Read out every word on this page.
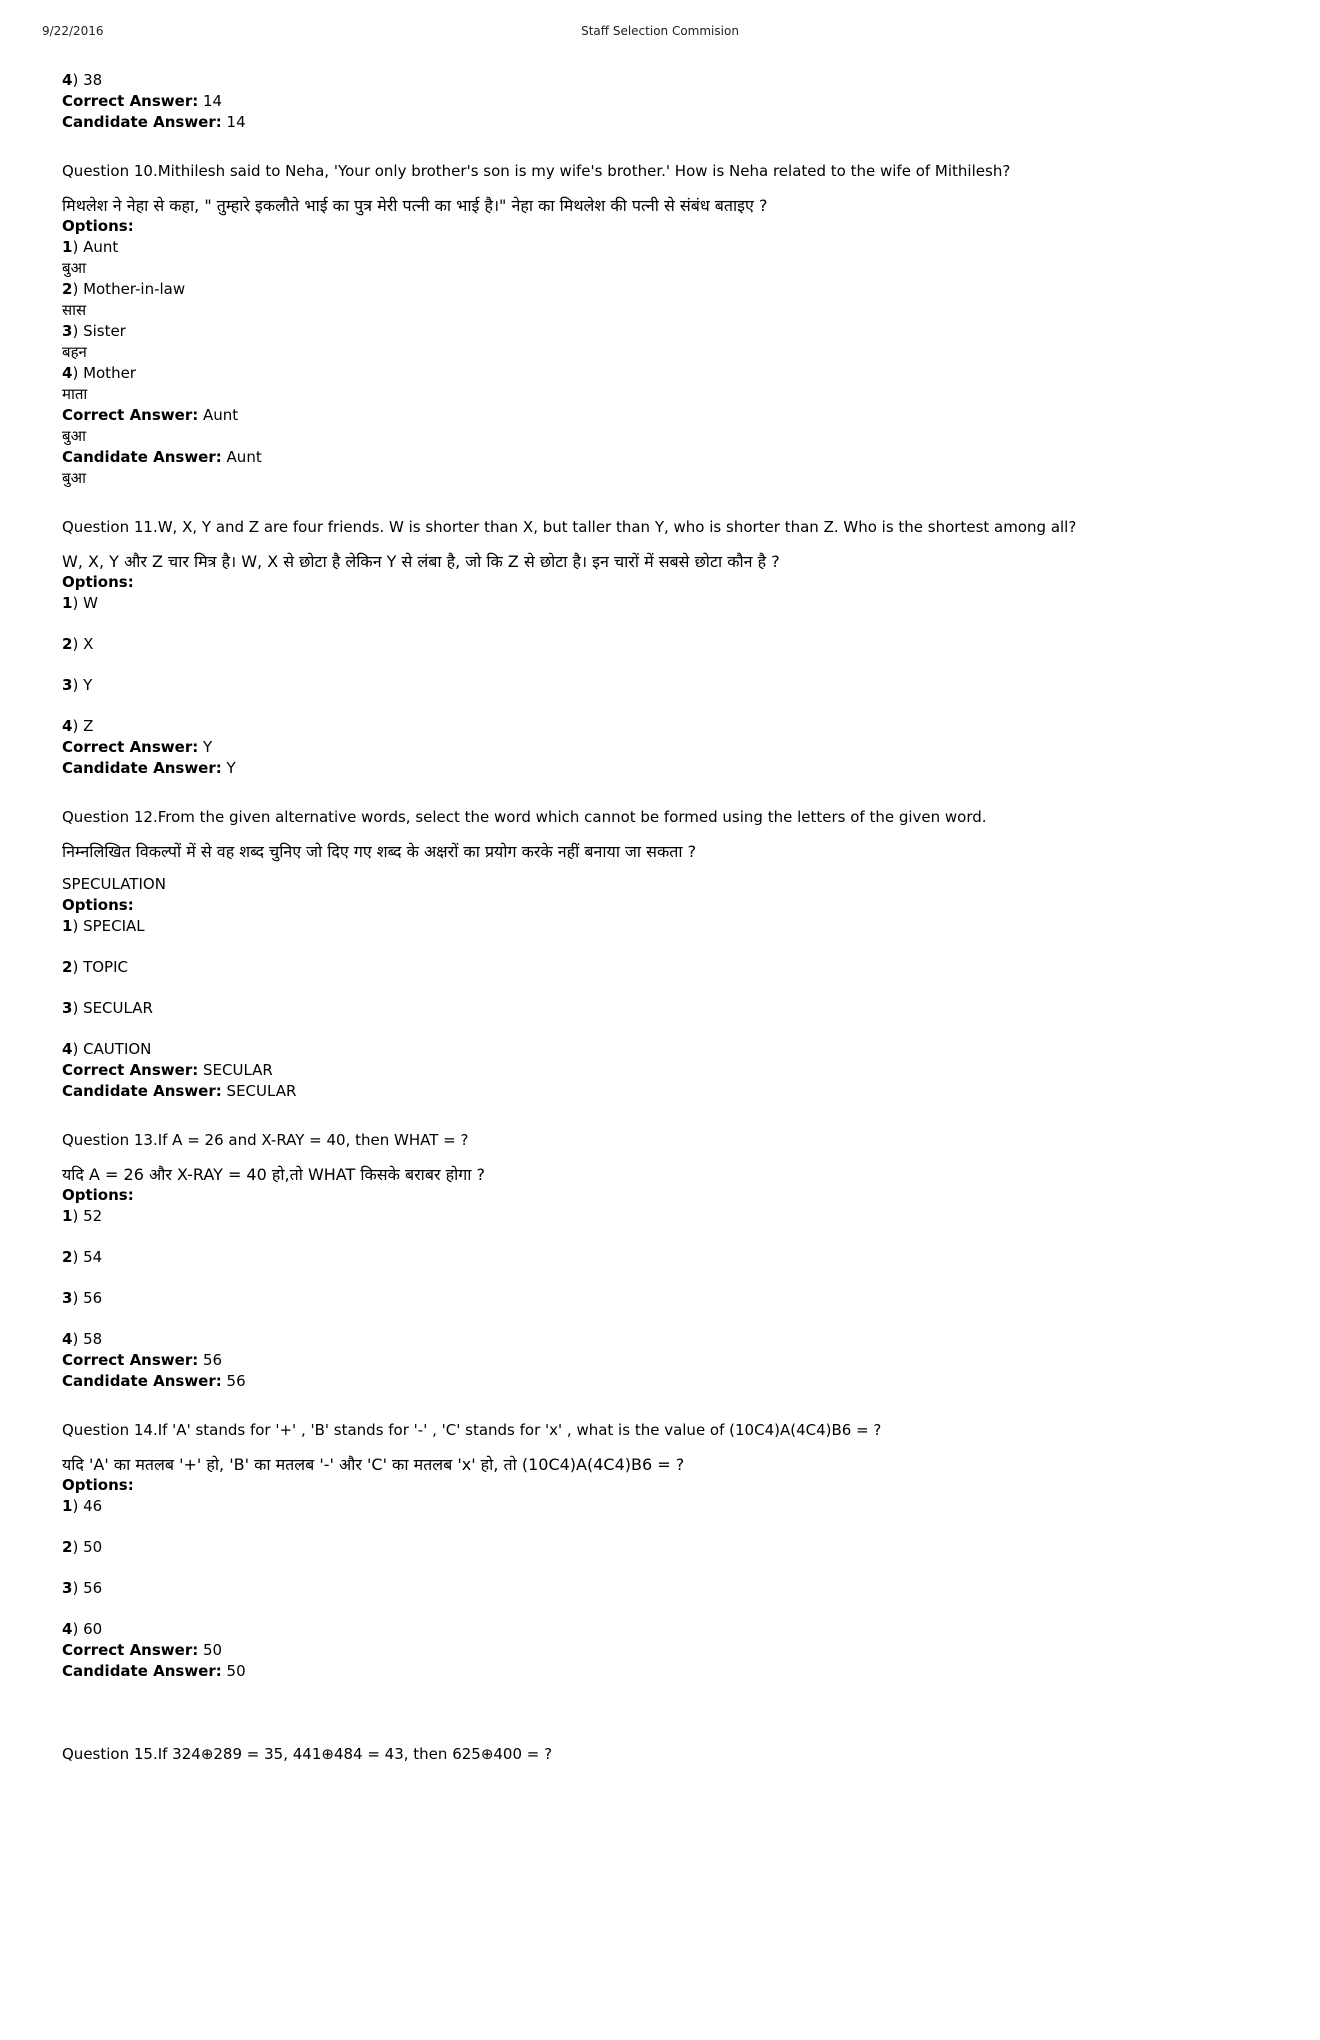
9/22/2016	Staff Selection Commision
4) 38
Correct Answer: 14
Candidate Answer: 14

Question 10.Mithilesh said to Neha, 'Your only brother's son is my wife's brother.' How is Neha related to the wife of Mithilesh?

मिथलेश ने नेहा से कहा, " तुम्हारे इकलौते भाई का पुत्र मेरी पत्नी का भाई है।" नेहा का मिथलेश की पत्नी से संबंध बताइए ?

Options:
1) Aunt
बुआ
2) Mother-in-law
सास
3) Sister
बहन
4) Mother
माता
Correct Answer: Aunt
बुआ
Candidate Answer: Aunt
बुआ

Question 11.W, X, Y and Z are four friends. W is shorter than X, but taller than Y, who is shorter than Z. Who is the shortest among all?

W, X, Y और Z चार मित्र है। W, X से छोटा है लेकिन Y से लंबा है, जो कि Z से छोटा है। इन चारों में सबसे छोटा कौन है ?

Options:
1) W
2) X
3) Y
4) Z
Correct Answer: Y
Candidate Answer: Y

Question 12.From the given alternative words, select the word which cannot be formed using the letters of the given word.

निम्नलिखित विकल्पों में से वह शब्द चुनिए जो दिए गए शब्द के अक्षरों का प्रयोग करके नहीं बनाया जा सकता ?

SPECULATION
Options:
1) SPECIAL
2) TOPIC
3) SECULAR
4) CAUTION
Correct Answer: SECULAR
Candidate Answer: SECULAR

Question 13.If A = 26 and X-RAY = 40, then WHAT = ?

यदि A = 26 और X-RAY = 40 हो,तो WHAT किसके बराबर होगा ?

Options:
1) 52
2) 54
3) 56
4) 58
Correct Answer: 56
Candidate Answer: 56

Question 14.If 'A' stands for '+' , 'B' stands for '-' , 'C' stands for 'x' , what is the value of (10C4)A(4C4)B6 = ?

यदि 'A' का मतलब '+' हो, 'B' का मतलब '-' और 'C' का मतलब 'x' हो, तो (10C4)A(4C4)B6 = ?

Options:
1) 46
2) 50
3) 56
4) 60
Correct Answer: 50
Candidate Answer: 50

Question 15.If 324⊕289 = 35, 441⊕484 = 43, then 625⊕400 = ?
